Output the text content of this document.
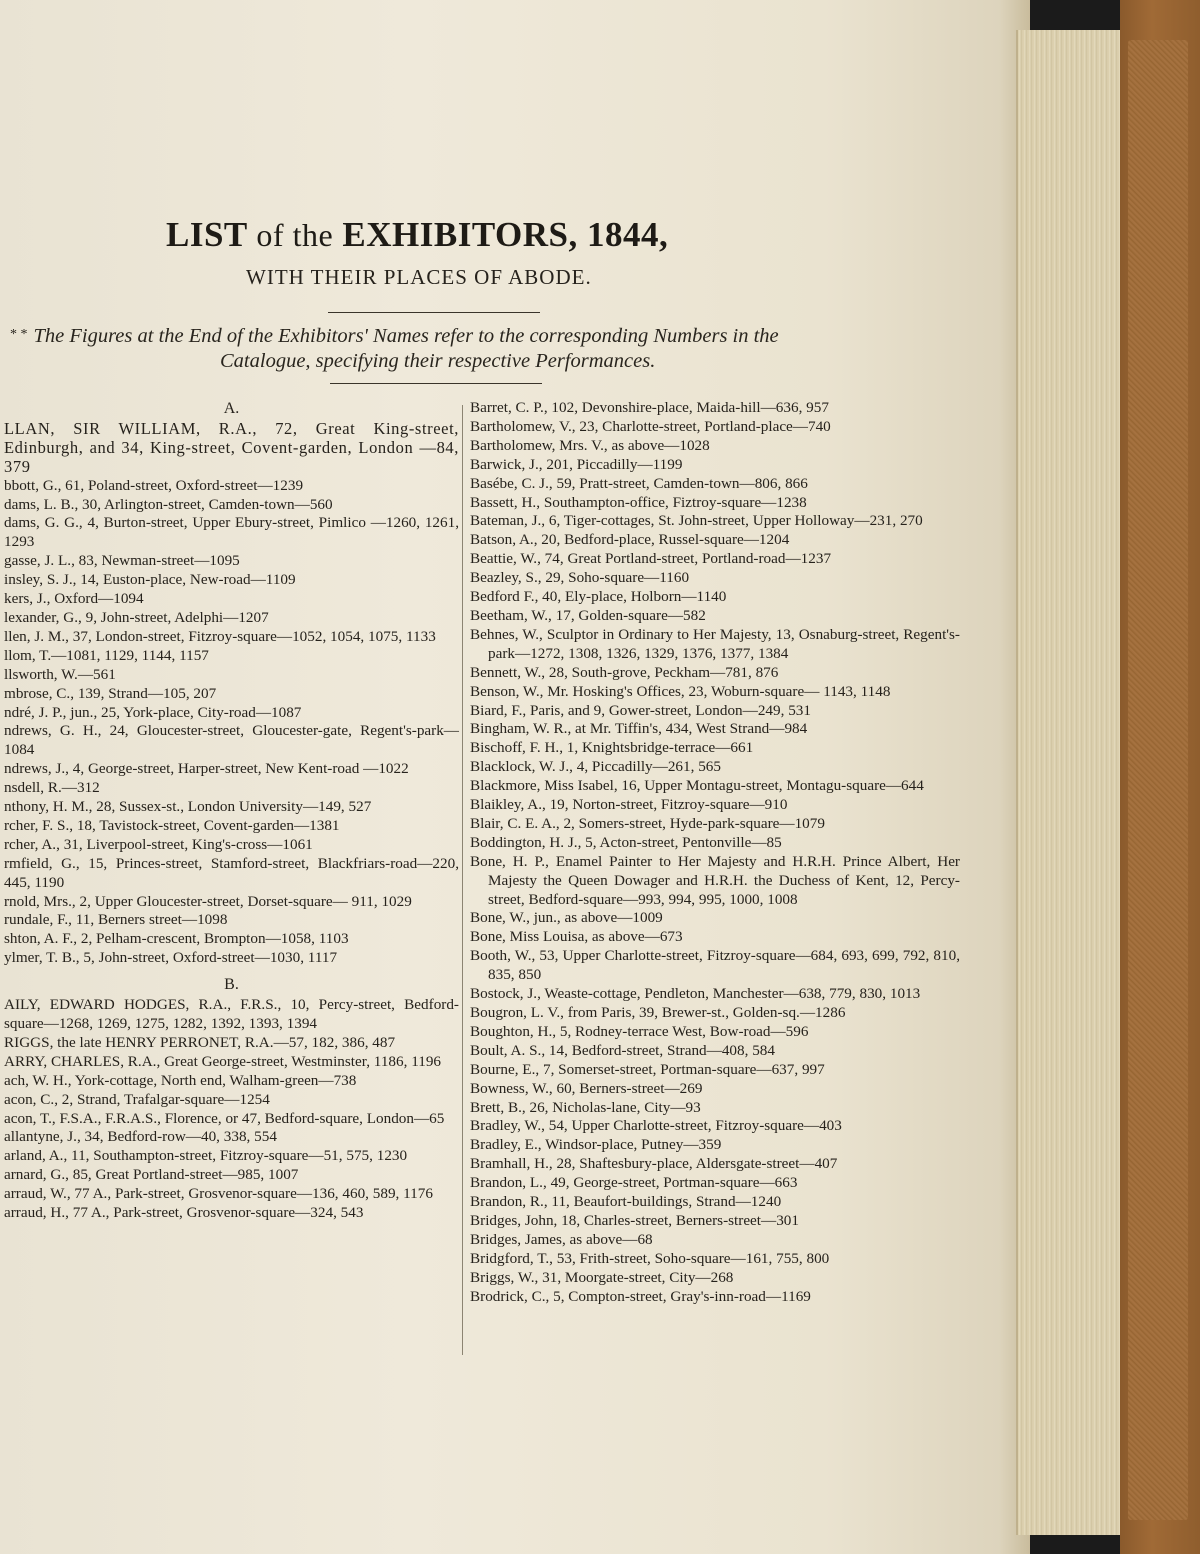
LIST of the EXHIBITORS, 1844,
WITH THEIR PLACES OF ABODE.
* * The Figures at the End of the Exhibitors' Names refer to the corresponding Numbers in the
Catalogue, specifying their respective Performances.
A.

LLAN, SIR WILLIAM, R.A., 72, Great King-street, Edinburgh, and 34, King-street, Covent-garden, London —84, 379

bbott, G., 61, Poland-street, Oxford-street—1239

dams, L. B., 30, Arlington-street, Camden-town—560

dams, G. G., 4, Burton-street, Upper Ebury-street, Pimlico —1260, 1261, 1293

gasse, J. L., 83, Newman-street—1095

insley, S. J., 14, Euston-place, New-road—1109

kers, J., Oxford—1094

lexander, G., 9, John-street, Adelphi—1207

llen, J. M., 37, London-street, Fitzroy-square—1052, 1054, 1075, 1133

llom, T.—1081, 1129, 1144, 1157

llsworth, W.—561

mbrose, C., 139, Strand—105, 207

ndré, J. P., jun., 25, York-place, City-road—1087

ndrews, G. H., 24, Gloucester-street, Gloucester-gate, Regent's-park—1084

ndrews, J., 4, George-street, Harper-street, New Kent-road —1022

nsdell, R.—312

nthony, H. M., 28, Sussex-st., London University—149, 527

rcher, F. S., 18, Tavistock-street, Covent-garden—1381

rcher, A., 31, Liverpool-street, King's-cross—1061

rmfield, G., 15, Princes-street, Stamford-street, Blackfriars-road—220, 445, 1190

rnold, Mrs., 2, Upper Gloucester-street, Dorset-square— 911, 1029

rundale, F., 11, Berners street—1098

shton, A. F., 2, Pelham-crescent, Brompton—1058, 1103

ylmer, T. B., 5, John-street, Oxford-street—1030, 1117

B.

AILY, EDWARD HODGES, R.A., F.R.S., 10, Percy-street, Bedford-square—1268, 1269, 1275, 1282, 1392, 1393, 1394

RIGGS, the late HENRY PERRONET, R.A.—57, 182, 386, 487

ARRY, CHARLES, R.A., Great George-street, Westminster, 1186, 1196

ach, W. H., York-cottage, North end, Walham-green—738

acon, C., 2, Strand, Trafalgar-square—1254

acon, T., F.S.A., F.R.A.S., Florence, or 47, Bedford-square, London—65

allantyne, J., 34, Bedford-row—40, 338, 554

arland, A., 11, Southampton-street, Fitzroy-square—51, 575, 1230

arnard, G., 85, Great Portland-street—985, 1007

arraud, W., 77 A., Park-street, Grosvenor-square—136, 460, 589, 1176

arraud, H., 77 A., Park-street, Grosvenor-square—324, 543

Barret, C. P., 102, Devonshire-place, Maida-hill—636, 957

Bartholomew, V., 23, Charlotte-street, Portland-place—740

Bartholomew, Mrs. V., as above—1028

Barwick, J., 201, Piccadilly—1199

Basébe, C. J., 59, Pratt-street, Camden-town—806, 866

Bassett, H., Southampton-office, Fiztroy-square—1238

Bateman, J., 6, Tiger-cottages, St. John-street, Upper Holloway—231, 270

Batson, A., 20, Bedford-place, Russel-square—1204

Beattie, W., 74, Great Portland-street, Portland-road—1237

Beazley, S., 29, Soho-square—1160

Bedford F., 40, Ely-place, Holborn—1140

Beetham, W., 17, Golden-square—582

Behnes, W., Sculptor in Ordinary to Her Majesty, 13, Osnaburg-street, Regent's-park—1272, 1308, 1326, 1329, 1376, 1377, 1384

Bennett, W., 28, South-grove, Peckham—781, 876

Benson, W., Mr. Hosking's Offices, 23, Woburn-square— 1143, 1148

Biard, F., Paris, and 9, Gower-street, London—249, 531

Bingham, W. R., at Mr. Tiffin's, 434, West Strand—984

Bischoff, F. H., 1, Knightsbridge-terrace—661

Blacklock, W. J., 4, Piccadilly—261, 565

Blackmore, Miss Isabel, 16, Upper Montagu-street, Montagu-square—644

Blaikley, A., 19, Norton-street, Fitzroy-square—910

Blair, C. E. A., 2, Somers-street, Hyde-park-square—1079

Boddington, H. J., 5, Acton-street, Pentonville—85

Bone, H. P., Enamel Painter to Her Majesty and H.R.H. Prince Albert, Her Majesty the Queen Dowager and H.R.H. the Duchess of Kent, 12, Percy-street, Bedford-square—993, 994, 995, 1000, 1008

Bone, W., jun., as above—1009

Bone, Miss Louisa, as above—673

Booth, W., 53, Upper Charlotte-street, Fitzroy-square—684, 693, 699, 792, 810, 835, 850

Bostock, J., Weaste-cottage, Pendleton, Manchester—638, 779, 830, 1013

Bougron, L. V., from Paris, 39, Brewer-st., Golden-sq.—1286

Boughton, H., 5, Rodney-terrace West, Bow-road—596

Boult, A. S., 14, Bedford-street, Strand—408, 584

Bourne, E., 7, Somerset-street, Portman-square—637, 997

Bowness, W., 60, Berners-street—269

Brett, B., 26, Nicholas-lane, City—93

Bradley, W., 54, Upper Charlotte-street, Fitzroy-square—403

Bradley, E., Windsor-place, Putney—359

Bramhall, H., 28, Shaftesbury-place, Aldersgate-street—407

Brandon, L., 49, George-street, Portman-square—663

Brandon, R., 11, Beaufort-buildings, Strand—1240

Bridges, John, 18, Charles-street, Berners-street—301

Bridges, James, as above—68

Bridgford, T., 53, Frith-street, Soho-square—161, 755, 800

Briggs, W., 31, Moorgate-street, City—268

Brodrick, C., 5, Compton-street, Gray's-inn-road—1169
